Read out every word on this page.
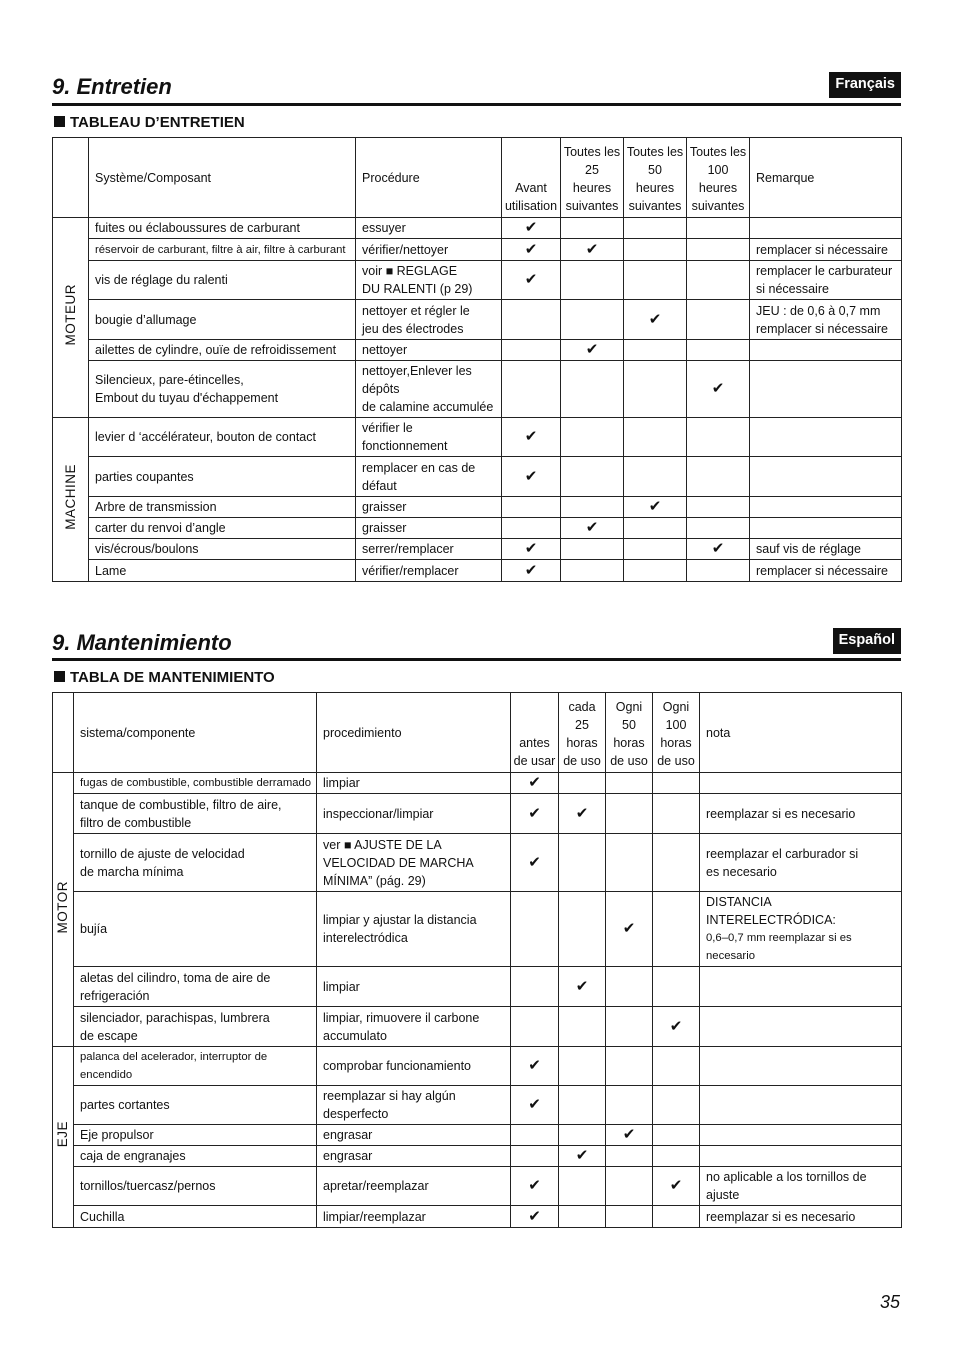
9. Entretien	Français
TABLEAU D’ENTRETIEN
	Système/Composant	Procédure	Avant
utilisation	Toutes les
25
heures
suivantes	Toutes les
50
heures
suivantes	Toutes les
100
heures
suivantes	Remarque
MOTEUR	fuites ou éclaboussures de carburant	essuyer	✔				

	réservoir de carburant, filtre à air, filtre à carburant	vérifier/nettoyer	✔	✔			remplacer si nécessaire

	vis de réglage du ralenti	voir ■ REGLAGE
DU RALENTI (p 29)	✔				remplacer le carburateur
si nécessaire

	bougie d’allumage	nettoyer et régler le
jeu des électrodes			✔		JEU : de 0,6 à 0,7 mm
remplacer si nécessaire

	ailettes de cylindre, ouïe de refroidissement	nettoyer		✔			

	Silencieux, pare-étincelles,
Embout du tuyau d'échappement	nettoyer,Enlever les dépôts
de calamine accumulée				✔	
MACHINE	levier d ‘accélérateur, bouton de contact	vérifier le fonctionnement	✔				

	parties coupantes	remplacer en cas de
défaut	✔				

	Arbre de transmission	graisser			✔		

	carter du renvoi d’angle	graisser		✔			

	vis/écrous/boulons	serrer/remplacer	✔			✔	sauf vis de réglage

	Lame	vérifier/remplacer	✔				remplacer si nécessaire
9. Mantenimiento	Español
TABLA DE MANTENIMIENTO
	sistema/componente	procedimiento	antes
de usar	cada
25
horas
de uso	Ogni
50
horas
de uso	Ogni
100
horas
de uso	nota
MOTOR	fugas de combustible, combustible derramado	limpiar	✔				

	tanque de combustible, filtro de aire,
filtro de combustible	inspeccionar/limpiar	✔	✔			reemplazar si es necesario

	tornillo de ajuste de velocidad
de marcha mínima	ver ■ AJUSTE DE LA
VELOCIDAD DE MARCHA
MÍNIMA” (pág. 29)	✔				reemplazar el carburador si
es necesario

	bujía	limpiar y ajustar la distancia
interelectródica			✔		DISTANCIA INTERELECTRÓDICA:
0,6–0,7 mm reemplazar si es necesario

	aletas del cilindro, toma de aire de
refrigeración	limpiar		✔			

	silenciador, parachispas, lumbrera
de escape	limpiar, rimuovere il carbone
accumulato				✔	
EJE	palanca del acelerador, interruptor de encendido	comprobar funcionamiento	✔				

	partes cortantes	reemplazar si hay algún
desperfecto	✔				

	Eje propulsor	engrasar			✔		

	caja de engranajes	engrasar		✔			

	tornillos/tuercasz/pernos	apretar/reemplazar	✔			✔	no aplicable a los tornillos de ajuste

	Cuchilla	limpiar/reemplazar	✔				reemplazar si es necesario
35
